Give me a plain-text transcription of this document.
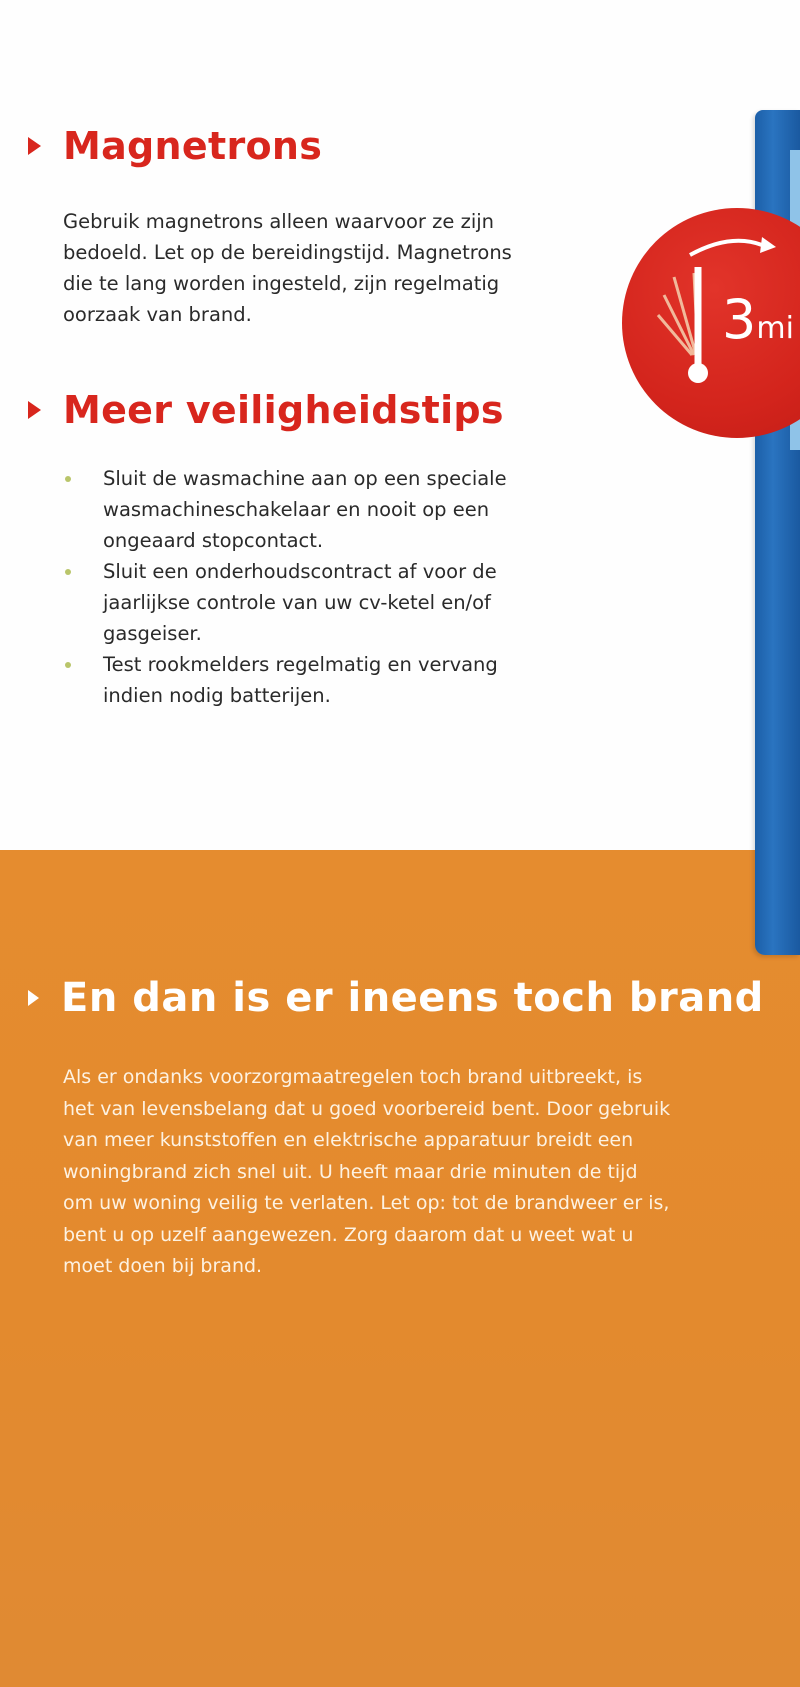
3mi
Magnetrons

Gebruik magnetrons alleen waarvoor ze zijn
bedoeld. Let op de bereidingstijd. Magnetrons
die te lang worden ingesteld, zijn regelmatig
oorzaak van brand.

Meer veiligheidstips
Sluit de wasmachine aan op een speciale
wasmachineschakelaar en nooit op een
ongeaard stopcontact.
Sluit een onderhoudscontract af voor de
jaarlijkse controle van uw cv-ketel en/of
gasgeiser.
Test rookmelders regelmatig en vervang
indien nodig batterijen.
En dan is er ineens toch brand

Als er ondanks voorzorgmaatregelen toch brand uitbreekt, is
het van levensbelang dat u goed voorbereid bent. Door gebruik
van meer kunststoffen en elektrische apparatuur breidt een
woningbrand zich snel uit. U heeft maar drie minuten de tijd
om uw woning veilig te verlaten. Let op: tot de brandweer er is,
bent u op uzelf aangewezen. Zorg daarom dat u weet wat u
moet doen bij brand.
